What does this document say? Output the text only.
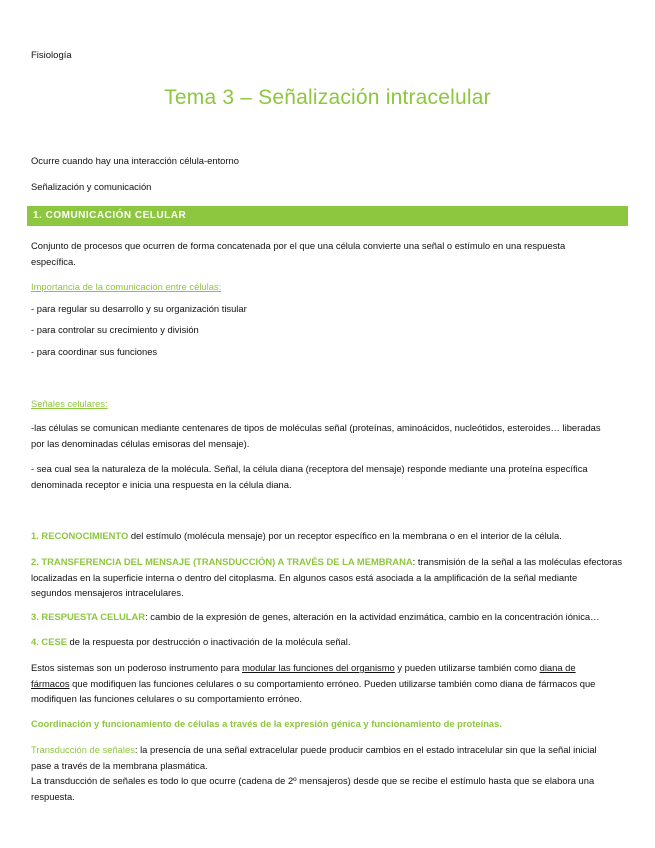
Fisiología
Tema 3 – Señalización intracelular
Ocurre cuando hay una interacción célula-entorno
Señalización y comunicación
1. COMUNICACIÓN CELULAR
Conjunto de procesos que ocurren de forma concatenada por el que una célula convierte una señal o estímulo en una respuesta
específica.
Importancia de la comunicación entre células:
- para regular su desarrollo y su organización tisular
- para controlar su crecimiento y división
- para coordinar sus funciones
Señales celulares:
-las células se comunican mediante centenares de tipos de moléculas señal (proteínas, aminoácidos, nucleótidos, esteroides… liberadas
por las denominadas células emisoras del mensaje).
- sea cual sea la naturaleza de la molécula. Señal, la célula diana (receptora del mensaje) responde mediante una proteína específica
denominada receptor e inicia una respuesta en la célula diana.
1. RECONOCIMIENTO del estímulo (molécula mensaje) por un receptor específico en la membrana o en el interior de la célula.
2. TRANSFERENCIA DEL MENSAJE (TRANSDUCCIÓN) A TRAVÉS DE LA MEMBRANA: transmisión de la señal a las moléculas efectoras
localizadas en la superficie interna o dentro del citoplasma. En algunos casos está asociada a la amplificación de la señal mediante
segundos mensajeros intracelulares.
3. RESPUESTA CELULAR: cambio de la expresión de genes, alteración en la actividad enzimática, cambio en la concentración iónica…
4. CESE de la respuesta por destrucción o inactivación de la molécula señal.
Estos sistemas son un poderoso instrumento para modular las funciones del organismo y pueden utilizarse también como diana de
fármacos que modifiquen las funciones celulares o su comportamiento erróneo. Pueden utilizarse también como diana de fármacos que
modifiquen las funciones celulares o su comportamiento erróneo.
Coordinación y funcionamiento de células a través de la expresión génica y funcionamiento de proteínas.
Transducción de señales: la presencia de una señal extracelular puede producir cambios en el estado intracelular sin que la señal inicial
pase a través de la membrana plasmática.
La transducción de señales es todo lo que ocurre (cadena de 2º mensajeros) desde que se recibe el estímulo hasta que se elabora una
respuesta.
